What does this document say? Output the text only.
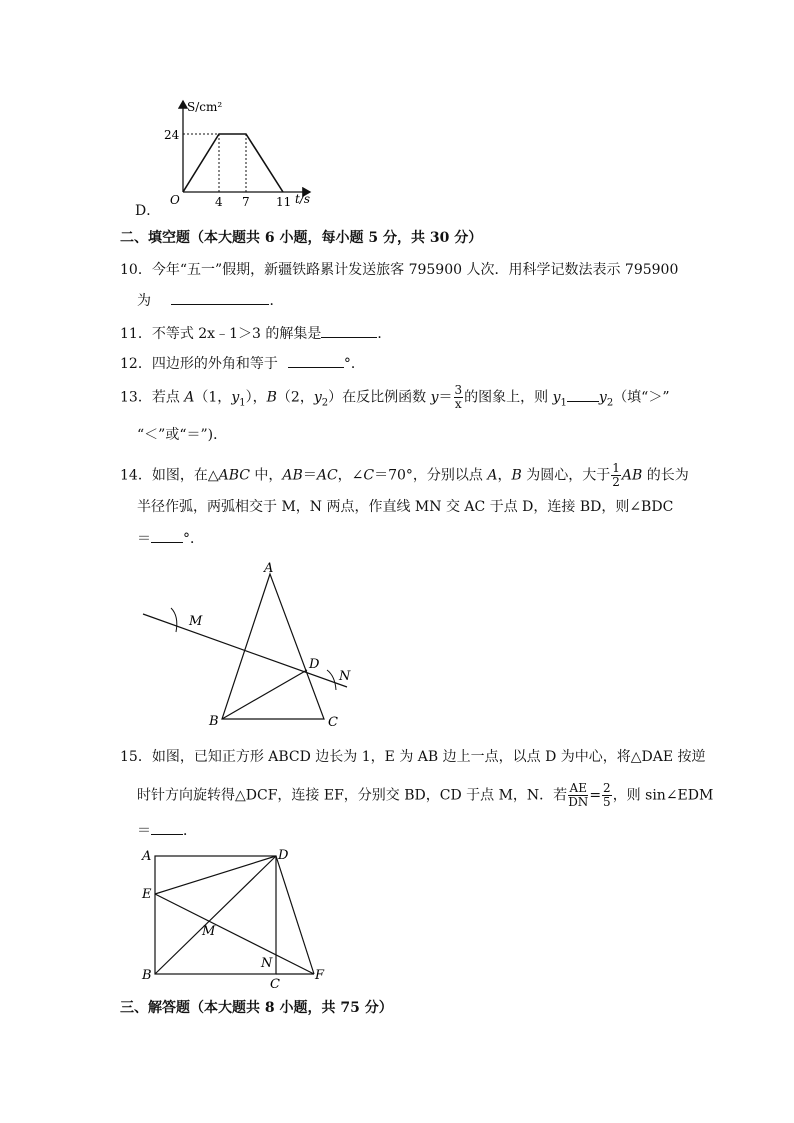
D．
S/cm²
24
O	4 7 11 t/s
二、填空题（本大题共 6 小题，每小题 5 分，共 30 分）
10．今年“五一”假期，新疆铁路累计发送旅客 795900 人次．用科学记数法表示 795900
为	．
11．不等式 2x﹣1＞3 的解集是	．
12．四边形的外角和等于	°．
13．若点 A（1，$y_1$），B（2，$y_2$）在反比例函数 $y= \frac{3}{x}$ 的图象上，则 $y_1$ $y_2$（填“＞”
“＜”或“＝”)．
14．如图，在△ABC 中，AB＝AC，∠C＝70°，分别以点 A，B 为圆心，大于 $\frac{1}{2}$ AB 的长为
半径作弧，两弧相交于 M，N 两点，作直线 MN 交 AC 于点 D，连接 BD，则∠BDC
＝ °．
A
B	C
D
M
N
15．如图，已知正方形 ABCD 边长为 1，E 为 AB 边上一点，以点 D 为中心，将△DAE 按逆
时针方向旋转得△DCF，连接 EF，分别交 BD，CD 于点 M，N．若 $\frac{AE}{DN} = \frac{2}{5}$ ，则 sin∠EDM
＝ ．
A	D
E
M
N
B
C
F
三、解答题（本大题共 8 小题，共 75 分）
